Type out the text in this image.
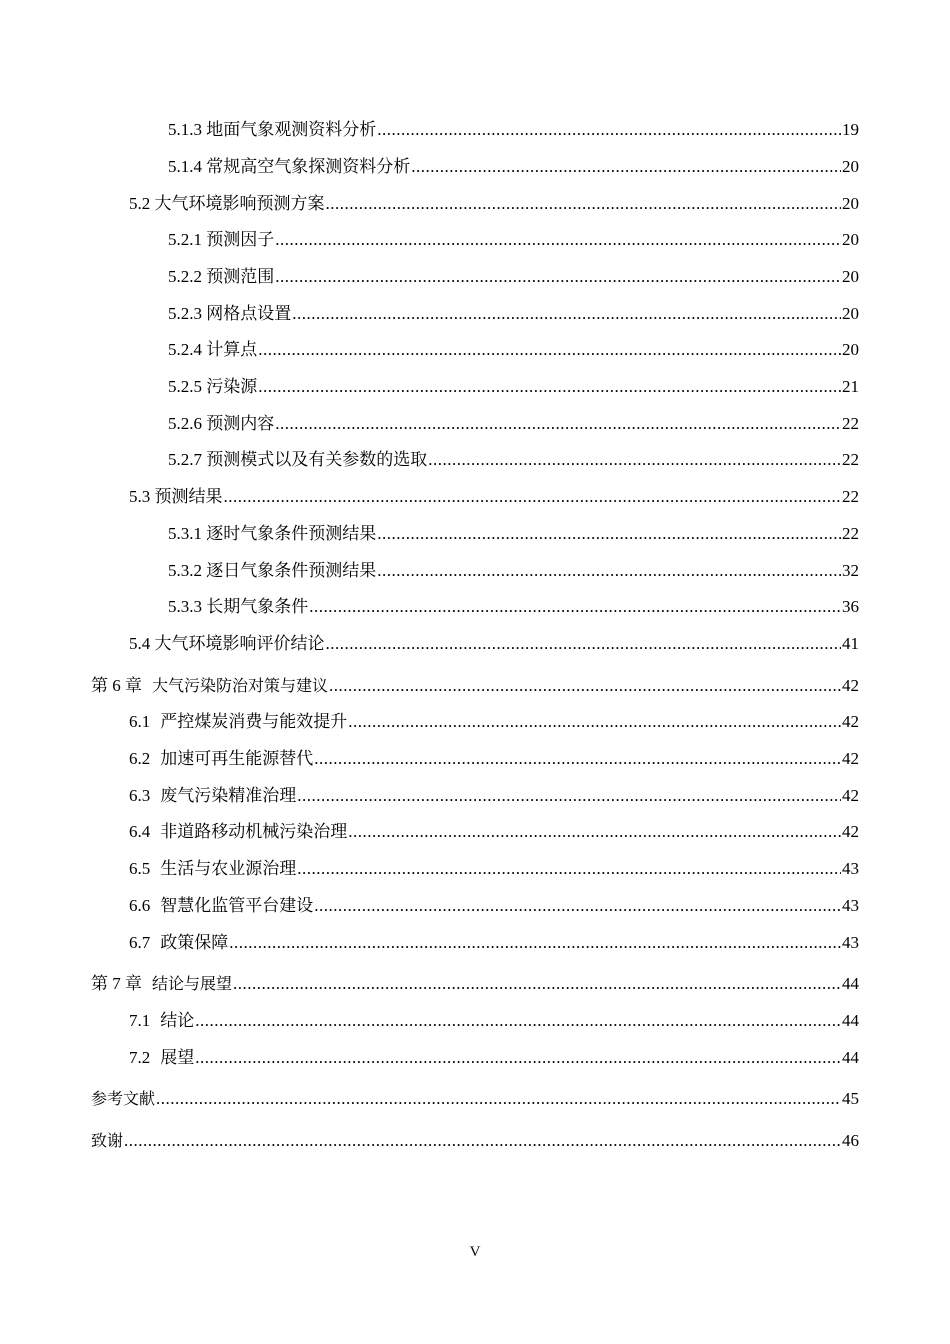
5.1.3 地面气象观测资料分析 .....	19
5.1.4 常规高空气象探测资料分析 .....	20
5.2 大气环境影响预测方案 .....	20
5.2.1 预测因子 .....	20
5.2.2 预测范围 .....	20
5.2.3 网格点设置 .....	20
5.2.4 计算点 .....	20
5.2.5 污染源 .....	21
5.2.6 预测内容 .....	22
5.2.7 预测模式以及有关参数的选取 .....	22
5.3 预测结果 .....	22
5.3.1 逐时气象条件预测结果 .....	22
5.3.2 逐日气象条件预测结果 .....	32
5.3.3 长期气象条件 .....	36
5.4 大气环境影响评价结论 .....	41
第 6 章 大气污染防治对策与建议 .....	42
6.1 严控煤炭消费与能效提升 .....	42
6.2 加速可再生能源替代 .....	42
6.3 废气污染精准治理 .....	42
6.4 非道路移动机械污染治理 .....	42
6.5 生活与农业源治理 .....	43
6.6 智慧化监管平台建设 .....	43
6.7 政策保障 .....	43
第 7 章 结论与展望 .....	44
7.1 结论 .....	44
7.2 展望 .....	44
参考文献 .....	45
致谢 .....	46
V
